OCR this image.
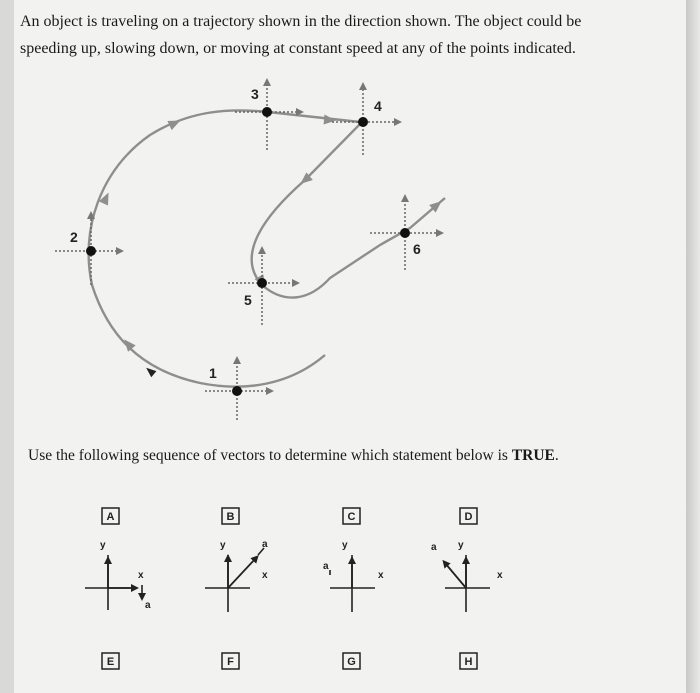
An object is traveling on a trajectory shown in the direction shown. The object could be
speeding up, slowing down, or moving at constant speed at any of the points indicated.
1
2
3
4
5
6
A	B	C	D
E	F	G	H
y
x
a
y
x
a	y
x
a
y
x
a
Use the following sequence of vectors to determine which statement below is TRUE.
